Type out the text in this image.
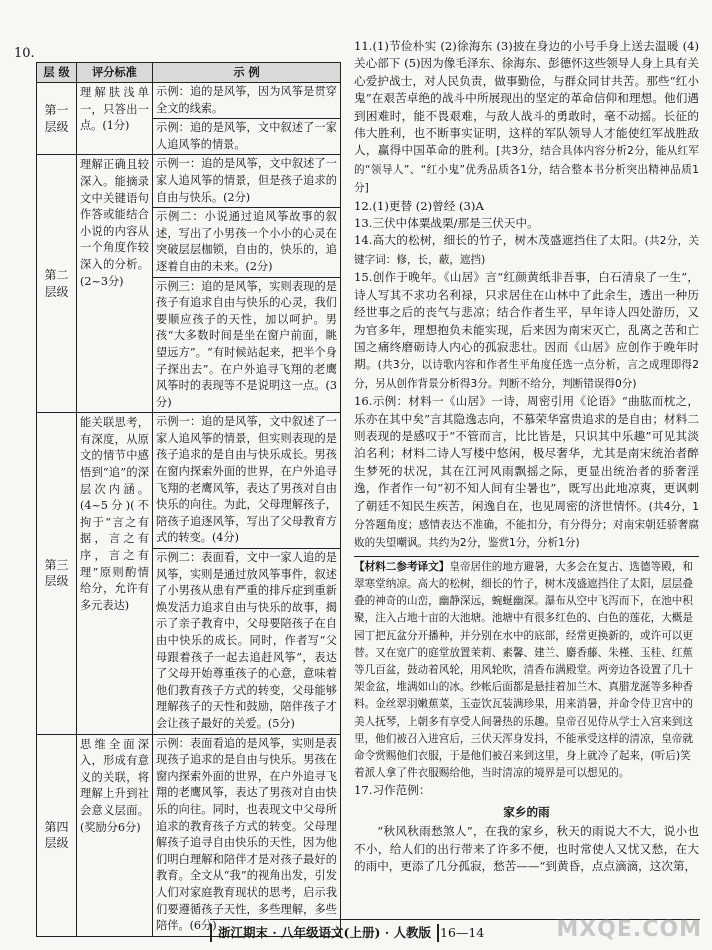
10.
层 级	评分标准	示 例
第一层级	理解肤浅单一，只答出一点。(1分)	示例：追的是风筝，因为风筝是贯穿全文的线索。
示例：追的是风筝，文中叙述了一家人追风筝的情景。

第二层级	理解正确且较深入。能摘录文中关键语句作答或能结合小说的内容从一个角度作较深入的分析。(2~3分)	示例一：追的是风筝，文中叙述了一家人追风筝的情景，但是孩子追求的自由与快乐。(2分)
示例二：小说通过追风筝故事的叙述，写出了小男孩一个小小的心灵在突破层层枷锁，自由的，快乐的，追逐着自由的未来。(2分)
示例三：追的是风筝，实则表现的是孩子有追求自由与快乐的心灵，我们要顺应孩子的天性，加以呵护。男孩“大多数时间是坐在窗户前面，眺望远方”。“有时候站起来，把半个身子探出去”。在户外追寻飞翔的老鹰风筝时的表现等不是说明这一点。(3分)

第三层级	能关联思考，有深度，从原文的情节中感悟到“追”的深层次内涵。(4~5分)(不拘于“言之有据，言之有序，言之有理”原则酌情给分，允许有多元表达)	示例一：追的是风筝，文中叙述了一家人追风筝的情景，但实则表现的是孩子追求的是自由与快乐成长。男孩在窗内探索外面的世界，在户外追寻飞翔的老鹰风筝，表达了男孩对自由快乐的向往。为此，父母理解孩子，陪孩子追逐风筝，写出了父母教育方式的转变。(4分)
示例二：表面看，文中一家人追的是风筝，实则是通过放风筝事件，叙述了小男孩从患有严重的排斥症到重新焕发活力追求自由与快乐的故事，揭示了亲子教育中，父母要陪孩子在自由中快乐的成长。同时，作者写“父母跟着孩子一起去追赶风筝”，表达了父母开始尊重孩子的心意，意味着他们教育孩子方式的转变，父母能够理解孩子的天性和鼓励，陪伴孩子才会让孩子最好的关爱。(5分)

第四层级	思维全面深入，形成有意义的关联，将理解上升到社会意义层面。(奖励分6分)	示例：表面看追的是风筝，实则是表现孩子追求的是自由与快乐。男孩在窗内探索外面的世界，在户外追寻飞翔的老鹰风筝，表达了男孩对自由快乐的向往。同时，也表现文中父母所追求的教育孩子方式的转变。父母理解孩子追寻自由快乐的天性，因为他们明白理解和陪伴才是对孩子最好的教育。全文从“我”的视角出发，引发人们对家庭教育现状的思考，启示我们要遵循孩子天性，多些理解，多些陪伴。(6分)

11.(1)节俭朴实 (2)徐海东 (3)披在身边的小号手身上送去温暖 (4)关心部下 (5)因为像毛泽东、徐海东、彭德怀这些领导人身上具有关心爱护战士，对人民负责，做事勤俭，与群众同甘共苦。那些“红小鬼”在艰苦卓绝的战斗中所展现出的坚定的革命信仰和理想。他们遇到困难时，能不畏艰难，与敌人战斗的勇敢时，毫不动摇。长征的伟大胜利，也不断事实证明，这样的军队领导人才能使红军战胜敌人，赢得中国革命的胜利。[共3分，结合具体内容分析2分，能从红军的“领导人”、“红小鬼”优秀品质各1分，结合整本书分析突出精神品质1分]

12.(1)更替 (2)曾经 (3)A

13.三伏中体粟战栗/那是三伏天中。

14.高大的松树，细长的竹子，树木茂盛遮挡住了太阳。(共2分，关键字词：修，长，蔽，遮挡)

15.创作于晚年。《山居》言“红颜黄纸非吾事，白石清泉了一生”，诗人写其不求功名利禄，只求居住在山林中了此余生，透出一种历经世事之后的丧气与悲凉；结合作者生平，早年诗人四处游历，又为官多年，理想抱负未能实现，后来因为南宋灭亡，乱离之苦和亡国之痛终磨砺诗人内心的孤寂悲壮。因而《山居》应创作于晚年时期。(共3分，以诗歌内容和作者生平角度任选一点分析，言之成理即得2分，另从创作背景分析得3分。判断不给分，判断错误得0分)

16.示例：材料一《山居》一诗，周密引用《论语》“曲肱而枕之，乐亦在其中矣”言其隐逸志向，不慕荣华富贵追求的是自由；材料二则表现的是感叹于“不管而言，比比皆是，只识其中乐趣”可见其淡泊名利；材料二诗人写楼中悠闲，极尽奢华，尤其是南宋统治者醉生梦死的状况，其在江河风雨飘摇之际，更显出统治者的骄奢淫逸，作者作一句“初不知人间有尘暑也”，既写出此地凉爽，更讽刺了朝廷不知民生疾苦，闲逸自在，也见周密的济世情怀。(共4分，1分答题角度；感情表达不准确，不能扣分，有分得分；对南宋朝廷骄奢腐败的失望嘲讽。共约为2分，鉴赏1分，分析1分)

【材料二参考译文】皇帝居住的地方避暑，大多会在复古、选德等殿，和翠寒堂纳凉。高大的松树，细长的竹子，树木茂盛遮挡住了太阳，层层叠叠的神奇的山峦，幽静深远，蜿蜒幽深。瀑布从空中飞泻而下，在池中积聚，注入占地十亩的大池塘。池塘中有很多红色的、白色的莲花，大概是园丁把瓦盆分开播种，并分别在水中的底部，经常更换新的，或许可以更替。又在宽广的庭堂放置茉莉、素馨、建兰、麝香藤、朱槿、玉桂、红蕉等几百盆，鼓动着风轮，用风轮吹，清香布满殿堂。两旁边各设置了几十架金盆，堆满如山的冰。纱帐后面都是悬挂着加兰木、真腊龙涎等多种香料。金丝翠羽嫩蕉菜，玉壶饮瓦装满珍果，用来消暑，并命令侍卫宫中的美人抚琴，上朝多有享受人间暑热的乐趣。皇帝召见侍从学士入宫来到这里，他们被召入进宫后，三伏天浑身发抖，不能承受这样的清凉，皇帝就命令赏赐他们衣服，于是他们被召来到这里，身上就冷了起来，(听后)笑着派人拿了件衣服赐给他，当时清凉的境界是可以想见的。

17.习作范例：

家乡的雨

“秋风秋雨愁煞人”，在我的家乡，秋天的雨说大不大，说小也不小，给人们的出行带来了许多不便，也时常使人又忧又愁，在大的雨中，更添了几分孤寂，愁苦——“到黄昏，点点滴滴，这次第，

浙江期末 · 八年级语文(上册) · 人教版 16—14	MXQE.COM
